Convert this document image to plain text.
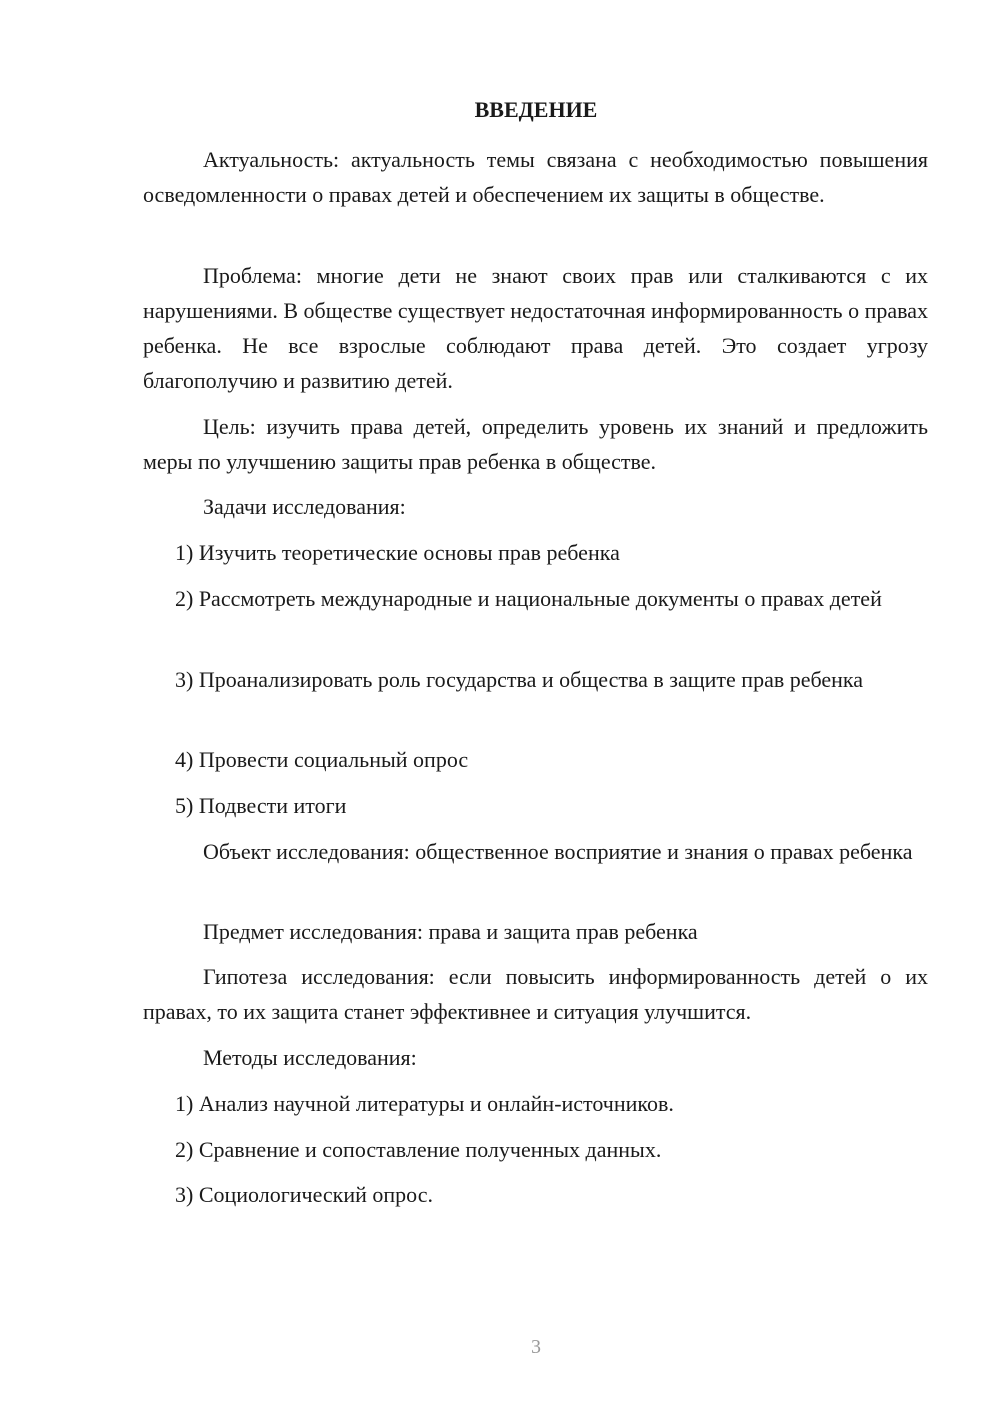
ВВЕДЕНИЕ
Актуальность: актуальность темы связана с необходимостью повышения осведомленности о правах детей и обеспечением их защиты в обществе.
Проблема: многие дети не знают своих прав или сталкиваются с их нарушениями. В обществе существует недостаточная информированность о правах ребенка. Не все взрослые соблюдают права детей. Это создает угрозу благополучию и развитию детей.
Цель: изучить права детей, определить уровень их знаний и предложить меры по улучшению защиты прав ребенка в обществе.
Задачи исследования:
1) Изучить теоретические основы прав ребенка
2) Рассмотреть международные и национальные документы о правах детей
3) Проанализировать роль государства и общества в защите прав ребенка
4) Провести социальный опрос
5) Подвести итоги
Объект исследования: общественное восприятие и знания о правах ребенка
Предмет исследования: права и защита прав ребенка
Гипотеза исследования: если повысить информированность детей о их правах, то их защита станет эффективнее и ситуация улучшится.
Методы исследования:
1) Анализ научной литературы и онлайн-источников.
2) Сравнение и сопоставление полученных данных.
3) Социологический опрос.
3
